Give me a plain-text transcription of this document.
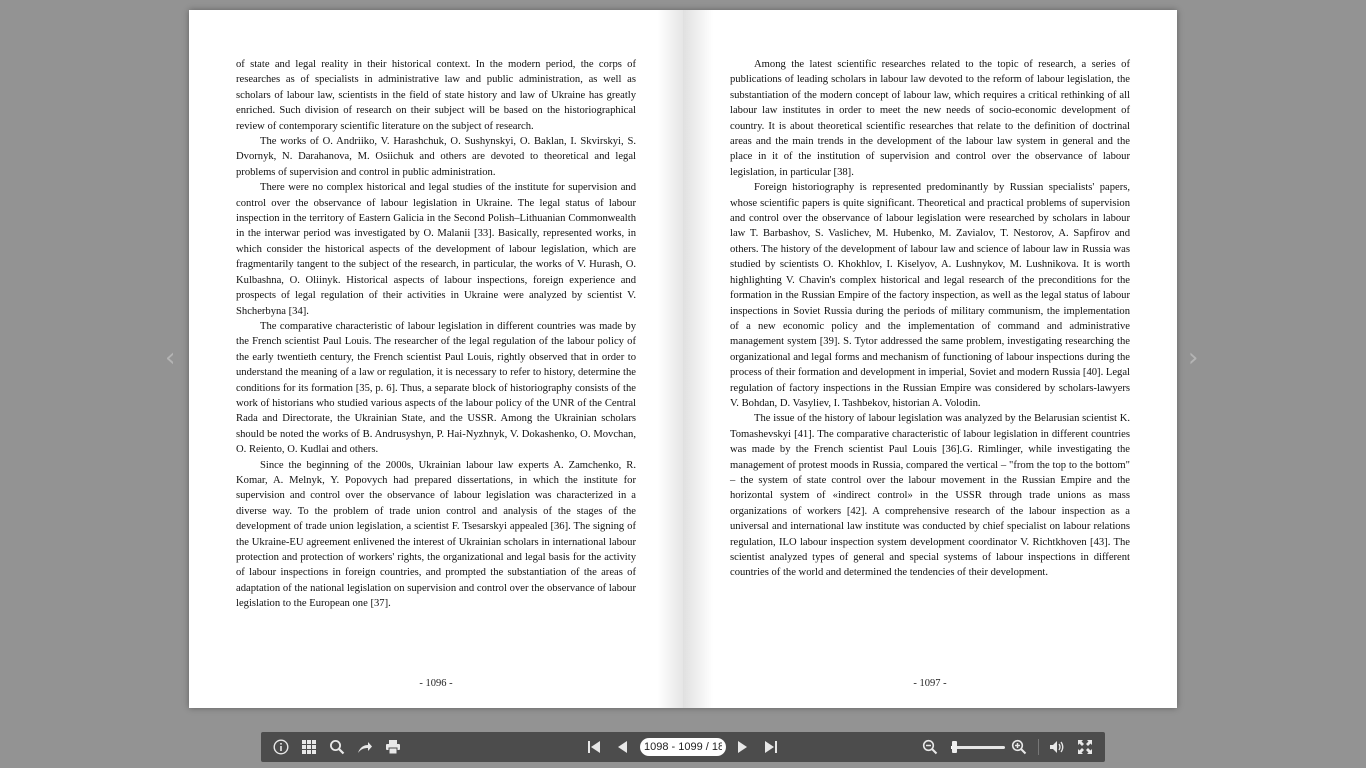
of state and legal reality in their historical context. In the modern period, the corps of researches as of specialists in administrative law and public administration, as well as scholars of labour law, scientists in the field of state history and law of Ukraine has greatly enriched. Such division of research on their subject will be based on the historiographical review of contemporary scientific literature on the subject of research.

The works of O. Andriiko, V. Harashchuk, O. Sushynskyi, O. Baklan, I. Skvirskyi, S. Dvornyk, N. Darahanova, M. Osiichuk and others are devoted to theoretical and legal problems of supervision and control in public administration.

There were no complex historical and legal studies of the institute for supervision and control over the observance of labour legislation in Ukraine. The legal status of labour inspection in the territory of Eastern Galicia in the Second Polish–Lithuanian Commonwealth in the interwar period was investigated by O. Malanii [33]. Basically, represented works, in which consider the historical aspects of the development of labour legislation, which are fragmentarily tangent to the subject of the research, in particular, the works of V. Hurash, O. Kulbashna, O. Oliinyk. Historical aspects of labour inspections, foreign experience and prospects of legal regulation of their activities in Ukraine were analyzed by scientist V. Shcherbyna [34].

The comparative characteristic of labour legislation in different countries was made by the French scientist Paul Louis. The researcher of the legal regulation of the labour policy of the early twentieth century, the French scientist Paul Louis, rightly observed that in order to understand the meaning of a law or regulation, it is necessary to refer to history, determine the conditions for its formation [35, p. 6]. Thus, a separate block of historiography consists of the work of historians who studied various aspects of the labour policy of the UNR of the Central Rada and Directorate, the Ukrainian State, and the USSR. Among the Ukrainian scholars should be noted the works of B. Andrusyshyn, P. Hai-Nyzhnyk, V. Dokashenko, O. Movchan, O. Reiento, O. Kudlai and others.

Since the beginning of the 2000s, Ukrainian labour law experts A. Zamchenko, R. Komar, A. Melnyk, Y. Popovych had prepared dissertations, in which the institute for supervision and control over the observance of labour legislation was characterized in a diverse way. To the problem of trade union control and analysis of the stages of the development of trade union legislation, a scientist F. Tsesarskyi appealed [36]. The signing of the Ukraine-EU agreement enlivened the interest of Ukrainian scholars in international labour protection and protection of workers' rights, the organizational and legal basis for the activity of labour inspections in foreign countries, and prompted the substantiation of the areas of adaptation of the national legislation on supervision and control over the observance of labour legislation to the European one [37].

- 1096 -

Among the latest scientific researches related to the topic of research, a series of publications of leading scholars in labour law devoted to the reform of labour legislation, the substantiation of the modern concept of labour law, which requires a critical rethinking of all labour law institutes in order to meet the new needs of socio-economic development of country. It is about theoretical scientific researches that relate to the definition of doctrinal areas and the main trends in the development of the labour law system in general and the place in it of the institution of supervision and control over the observance of labour legislation, in particular [38].

Foreign historiography is represented predominantly by Russian specialists' papers, whose scientific papers is quite significant. Theoretical and practical problems of supervision and control over the observance of labour legislation were researched by scholars in labour law T. Barbashov, S. Vaslichev, M. Hubenko, M. Zavialov, T. Nestorov, A. Sapfirov and others. The history of the development of labour law and science of labour law in Russia was studied by scientists O. Khokhlov, I. Kiselyov, A. Lushnykov, M. Lushnikova. It is worth highlighting V. Chavin's complex historical and legal research of the preconditions for the formation in the Russian Empire of the factory inspection, as well as the legal status of labour inspections in Soviet Russia during the periods of military communism, the implementation of a new economic policy and the implementation of command and administrative management system [39]. S. Tytor addressed the same problem, investigating researching the organizational and legal forms and mechanism of functioning of labour inspections during the process of their formation and development in imperial, Soviet and modern Russia [40]. Legal regulation of factory inspections in the Russian Empire was considered by scholars-lawyers V. Bohdan, D. Vasyliev, I. Tashbekov, historian A. Volodin.

The issue of the history of labour legislation was analyzed by the Belarusian scientist K. Tomashevskyi [41]. The comparative characteristic of labour legislation in different countries was made by the French scientist Paul Louis [36].G. Rimlinger, while investigating the management of protest moods in Russia, compared the vertical – "from the top to the bottom" – the system of state control over the labour movement in the Russian Empire and the horizontal system of «indirect control» in the USSR through trade unions as mass organizations of workers [42]. A comprehensive research of the labour inspection as a universal and international law institute was conducted by chief specialist on labour relations regulation, ILO labour inspection system development coordinator V. Richtkhoven [43]. The scientist analyzed types of general and special systems of labour inspections in different countries of the world and determined the tendencies of their development.

- 1097 -
‹	›
1098 - 1099 / 18
